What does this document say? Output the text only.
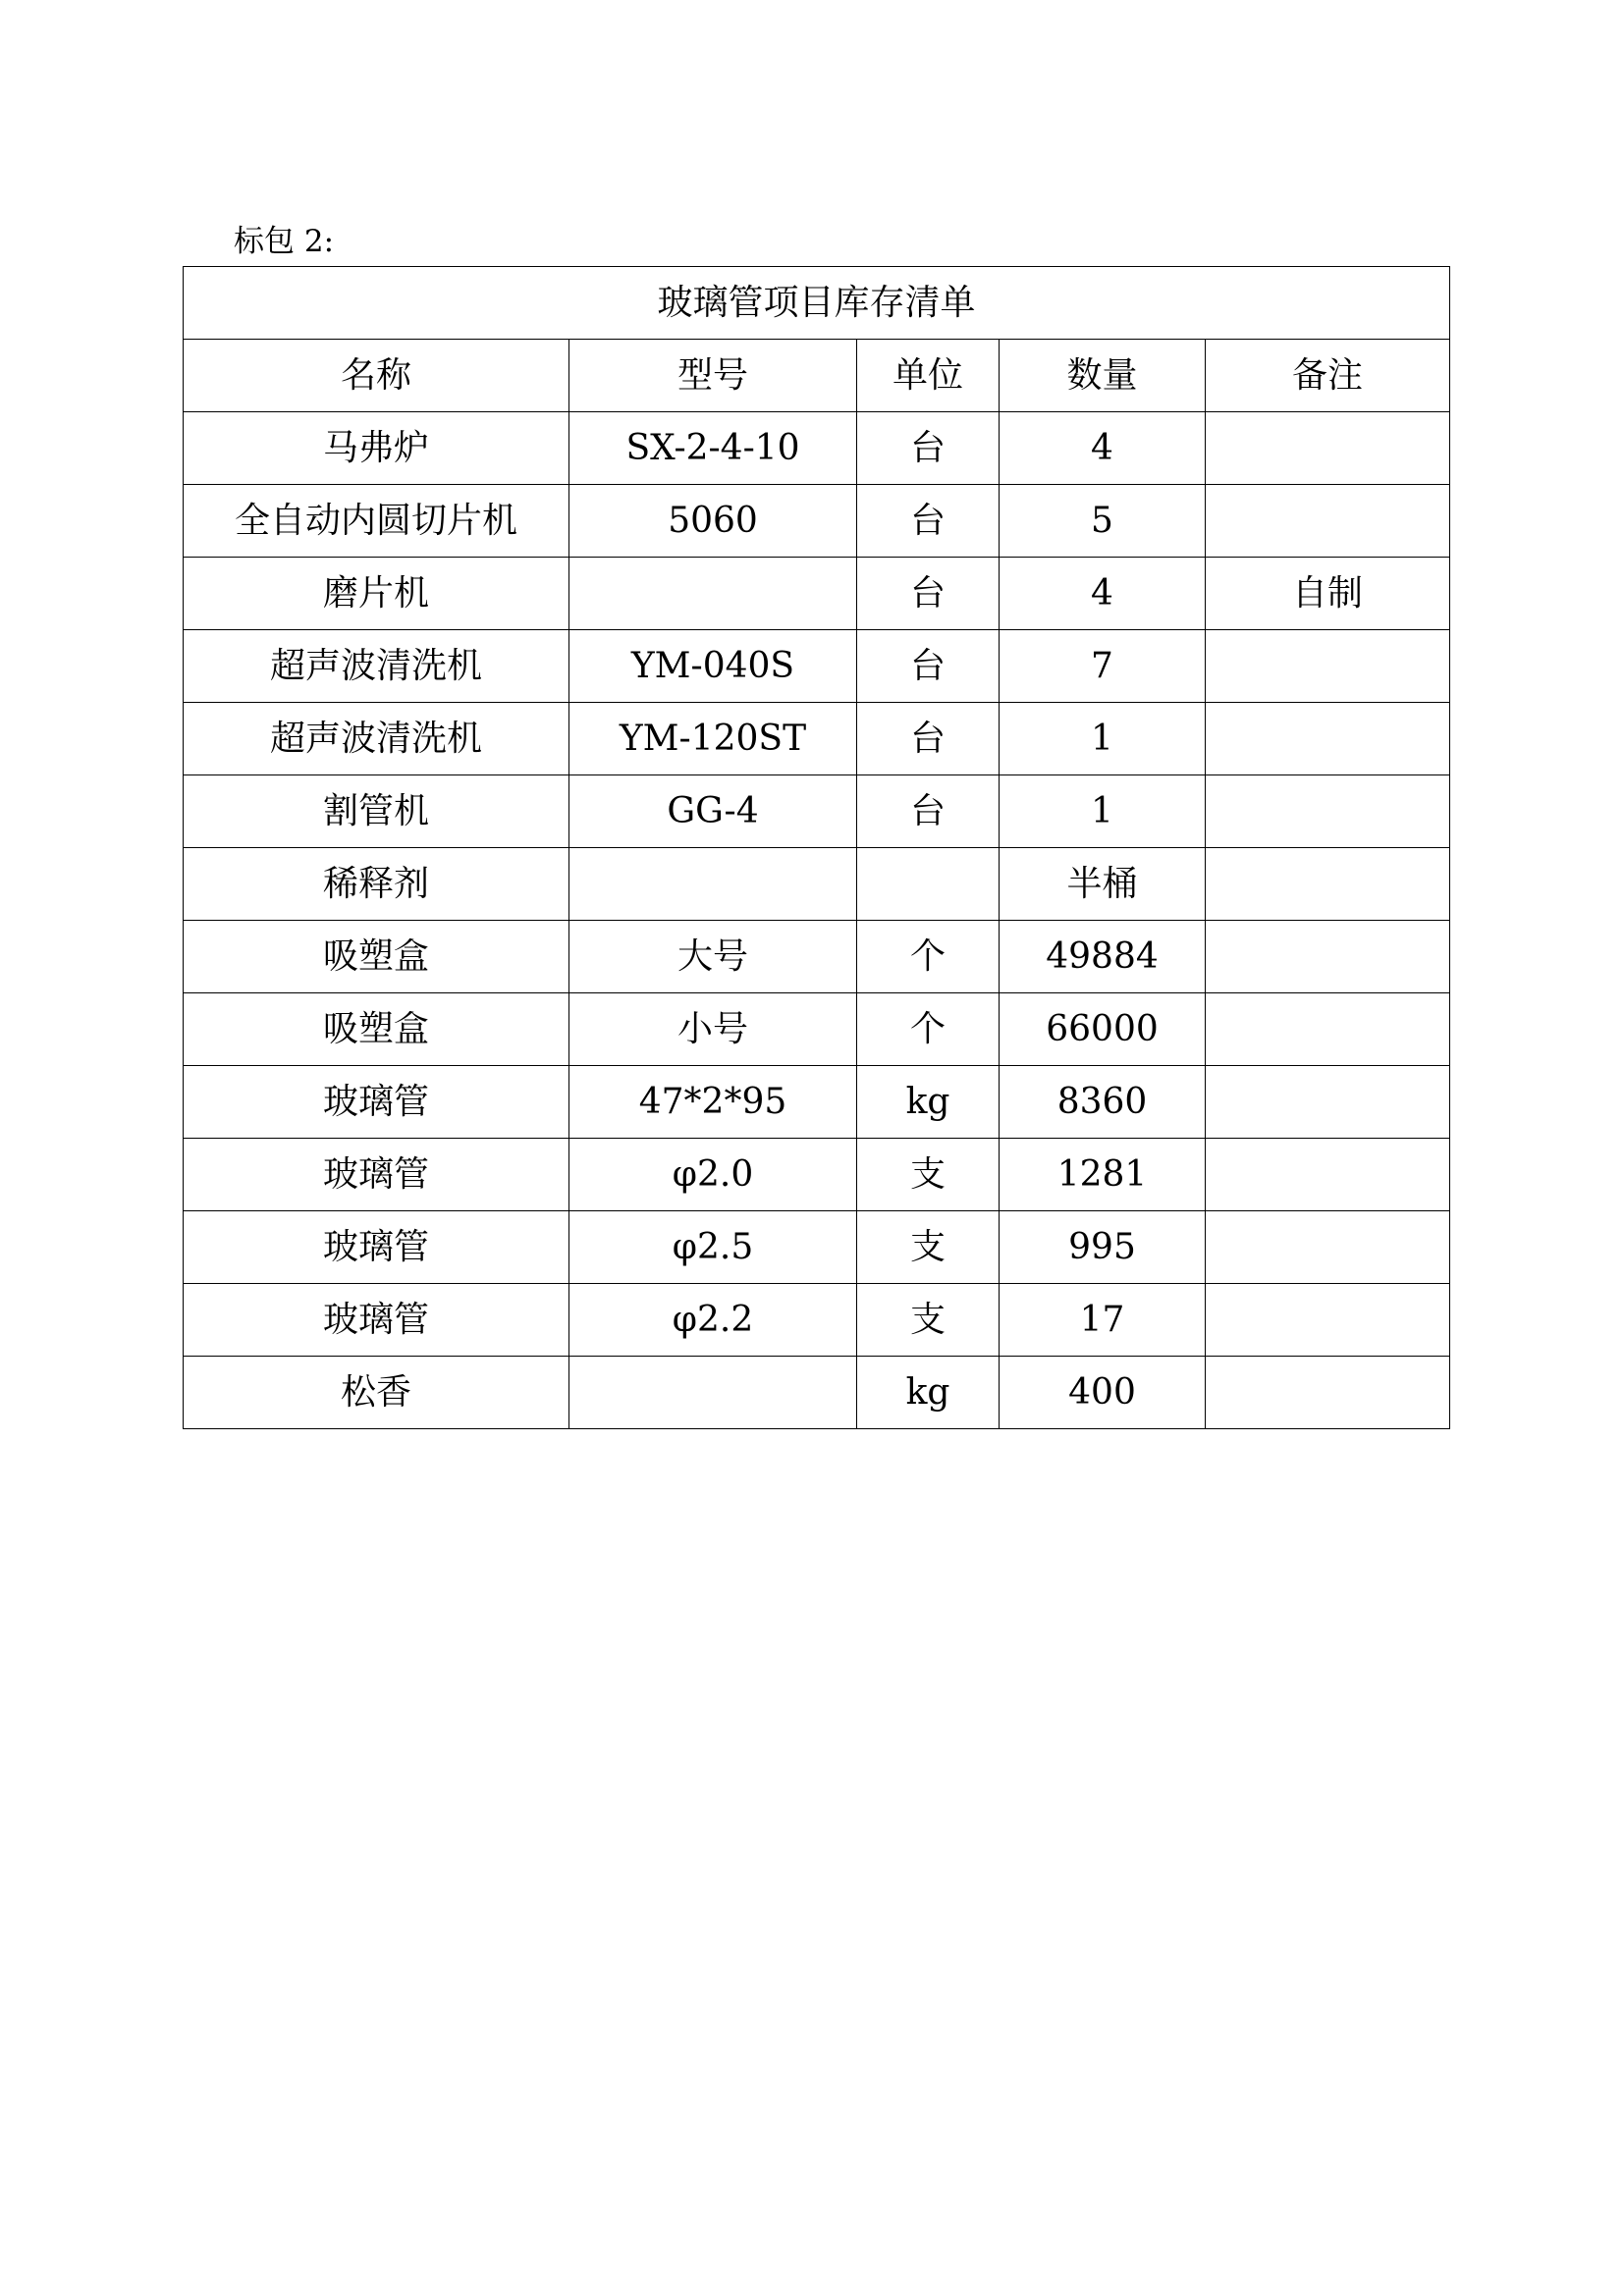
标包 2:
玻璃管项目库存清单				
名称	型号	单位	数量	备注
马弗炉	SX-2-4-10	台	4	
全自动内圆切片机	5060	台	5	
磨片机		台	4	自制
超声波清洗机	YM-040S	台	7	
超声波清洗机	YM-120ST	台	1	
割管机	GG-4	台	1	
稀释剂			半桶	
吸塑盒	大号	个	49884	
吸塑盒	小号	个	66000	
玻璃管	47*2*95	kg	8360	
玻璃管	φ2.0	支	1281	
玻璃管	φ2.5	支	995	
玻璃管	φ2.2	支	17	
松香		kg	400	
